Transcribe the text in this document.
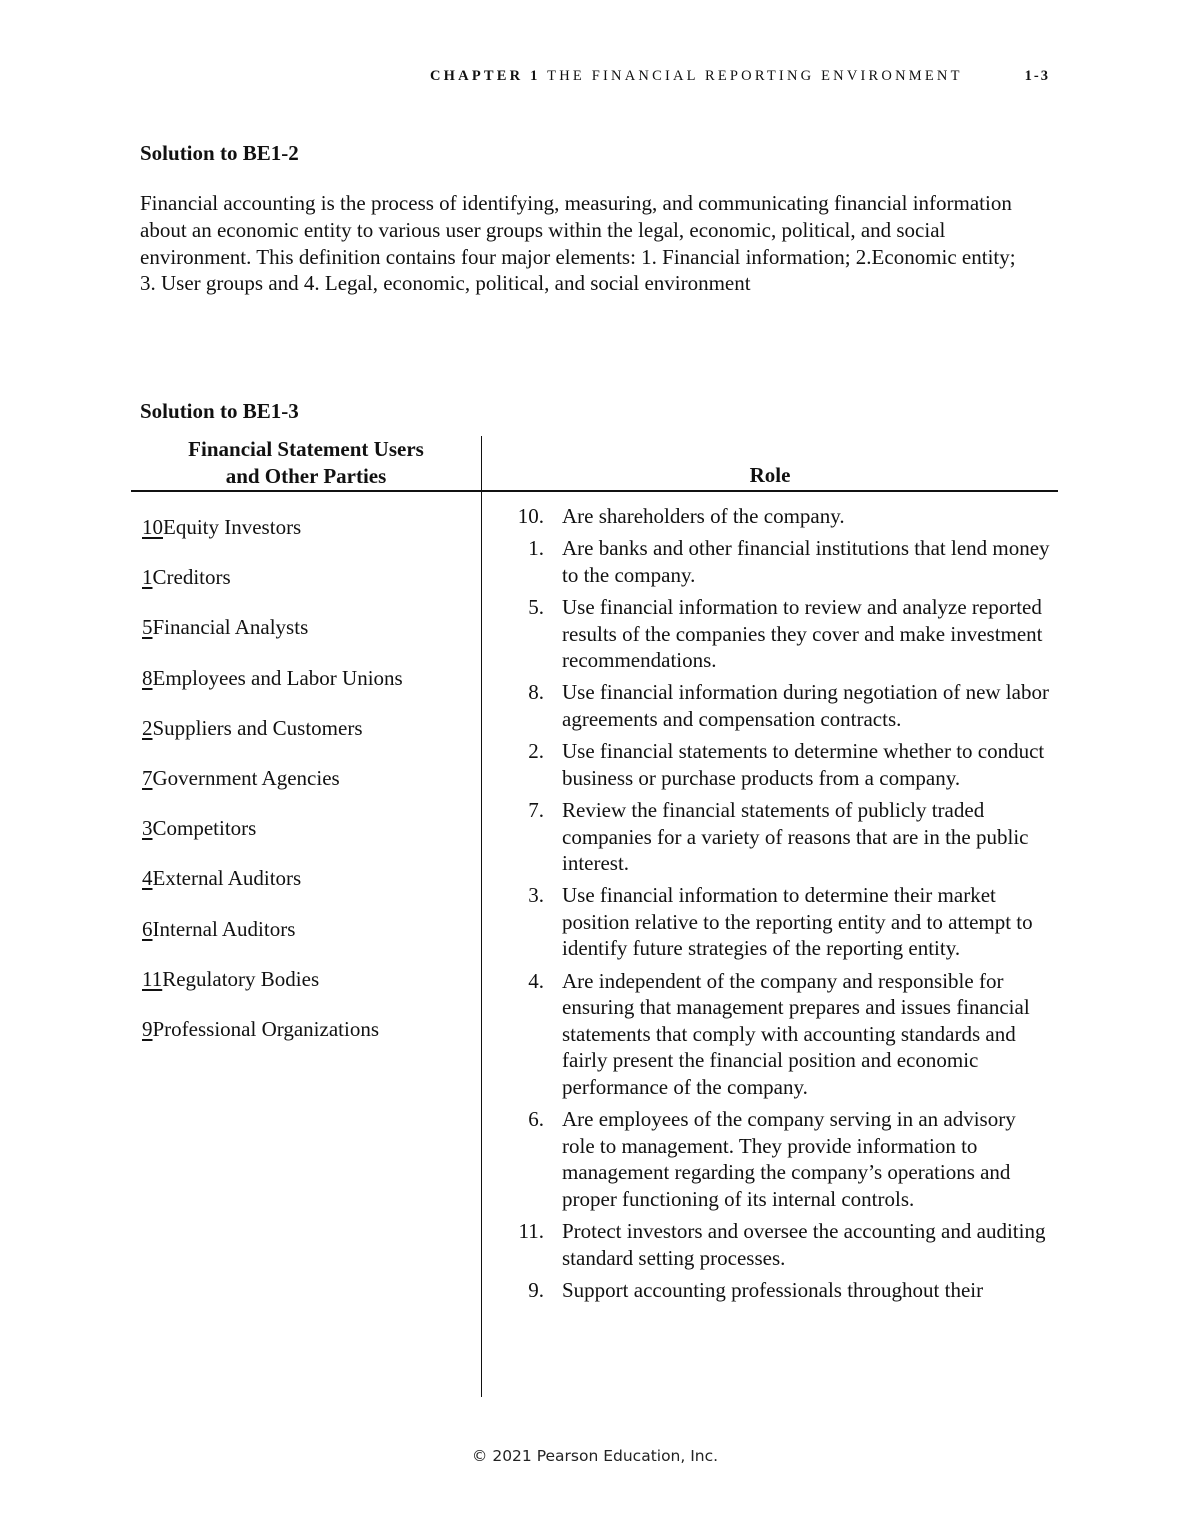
CHAPTER 1 THE FINANCIAL REPORTING ENVIRONMENT	1-3
Solution to BE1-2
Financial accounting is the process of identifying, measuring, and communicating financial information about an economic entity to various user groups within the legal, economic, political, and social environment. This definition contains four major elements: 1. Financial information; 2.Economic entity; 3. User groups and 4. Legal, economic, political, and social environment
Solution to BE1-3
Financial Statement Users
and Other Parties	Role
10Equity Investors
1Creditors
5Financial Analysts
8Employees and Labor Unions
2Suppliers and Customers
7Government Agencies
3Competitors
4External Auditors
6Internal Auditors
11Regulatory Bodies
9Professional Organizations
10. Are shareholders of the company.
1. Are banks and other financial institutions that lend money to the company.
5. Use financial information to review and analyze reported results of the companies they cover and make investment recommendations.
8. Use financial information during negotiation of new labor agreements and compensation contracts.
2. Use financial statements to determine whether to conduct business or purchase products from a company.
7. Review the financial statements of publicly traded companies for a variety of reasons that are in the public interest.
3. Use financial information to determine their market position relative to the reporting entity and to attempt to identify future strategies of the reporting entity.
4. Are independent of the company and responsible for ensuring that management prepares and issues financial statements that comply with accounting standards and fairly present the financial position and economic performance of the company.
6. Are employees of the company serving in an advisory role to management. They provide information to management regarding the company’s operations and proper functioning of its internal controls.
11. Protect investors and oversee the accounting and auditing standard setting processes.
9. Support accounting professionals throughout their
© 2021 Pearson Education, Inc.
